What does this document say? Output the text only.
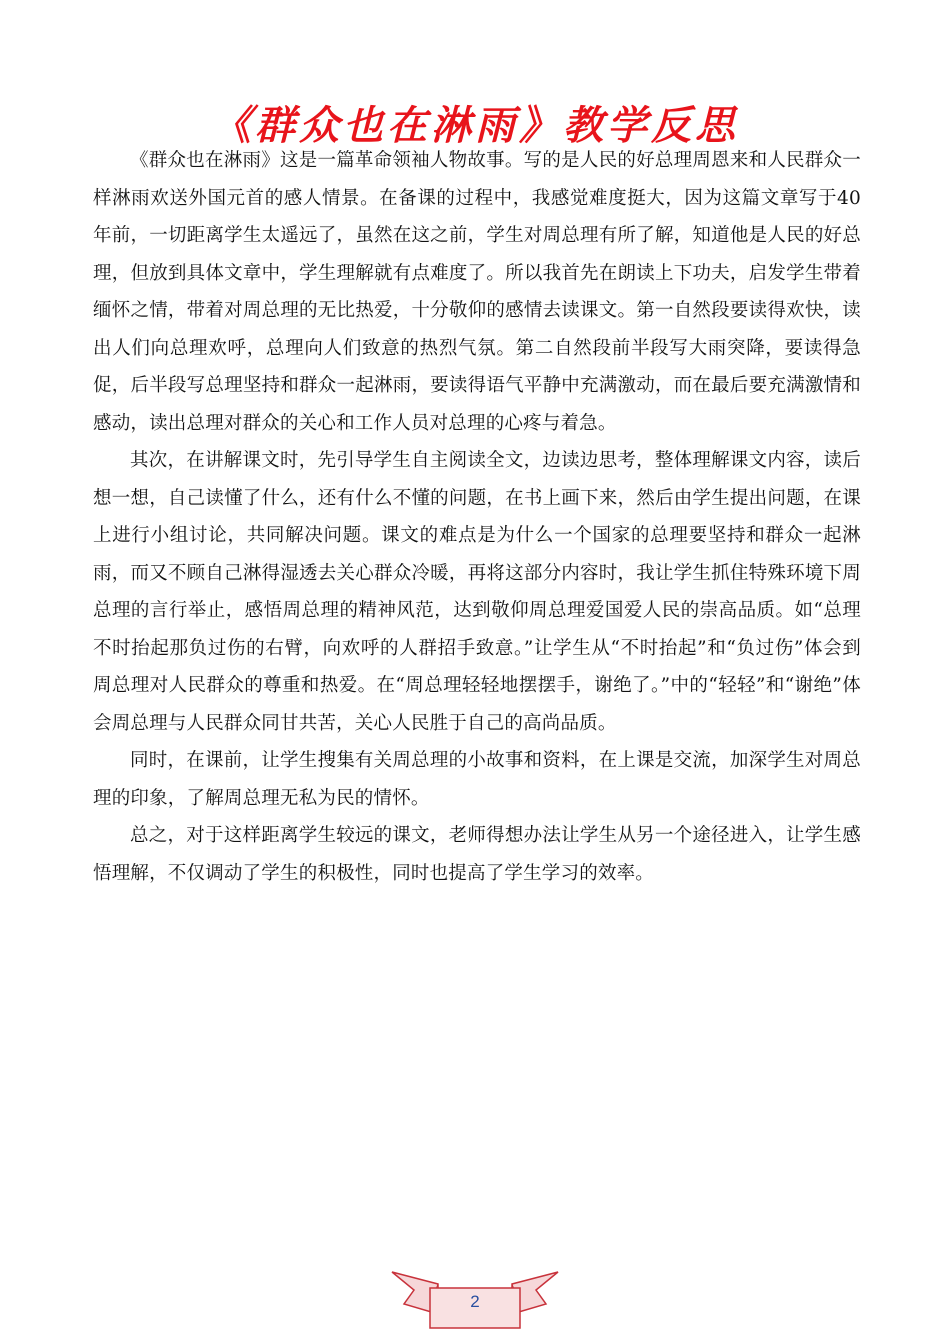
《群众也在淋雨》教学反思

《群众也在淋雨》这是一篇革命领袖人物故事。写的是人民的好总理周恩来和人民群众一样淋雨欢送外国元首的感人情景。在备课的过程中，我感觉难度挺大，因为这篇文章写于40年前，一切距离学生太遥远了，虽然在这之前，学生对周总理有所了解，知道他是人民的好总理，但放到具体文章中，学生理解就有点难度了。所以我首先在朗读上下功夫，启发学生带着缅怀之情，带着对周总理的无比热爱，十分敬仰的感情去读课文。第一自然段要读得欢快，读出人们向总理欢呼，总理向人们致意的热烈气氛。第二自然段前半段写大雨突降，要读得急促，后半段写总理坚持和群众一起淋雨，要读得语气平静中充满激动，而在最后要充满激情和感动，读出总理对群众的关心和工作人员对总理的心疼与着急。

其次，在讲解课文时，先引导学生自主阅读全文，边读边思考，整体理解课文内容，读后想一想，自己读懂了什么，还有什么不懂的问题，在书上画下来，然后由学生提出问题，在课上进行小组讨论，共同解决问题。课文的难点是为什么一个国家的总理要坚持和群众一起淋雨，而又不顾自己淋得湿透去关心群众冷暖，再将这部分内容时，我让学生抓住特殊环境下周总理的言行举止，感悟周总理的精神风范，达到敬仰周总理爱国爱人民的崇高品质。如“总理不时抬起那负过伤的右臂，向欢呼的人群招手致意。”让学生从“不时抬起”和“负过伤”体会到周总理对人民群众的尊重和热爱。在“周总理轻轻地摆摆手，谢绝了。”中的“轻轻”和“谢绝”体会周总理与人民群众同甘共苦，关心人民胜于自己的高尚品质。

同时，在课前，让学生搜集有关周总理的小故事和资料，在上课是交流，加深学生对周总理的印象，了解周总理无私为民的情怀。

总之，对于这样距离学生较远的课文，老师得想办法让学生从另一个途径进入，让学生感悟理解，不仅调动了学生的积极性，同时也提高了学生学习的效率。

2
